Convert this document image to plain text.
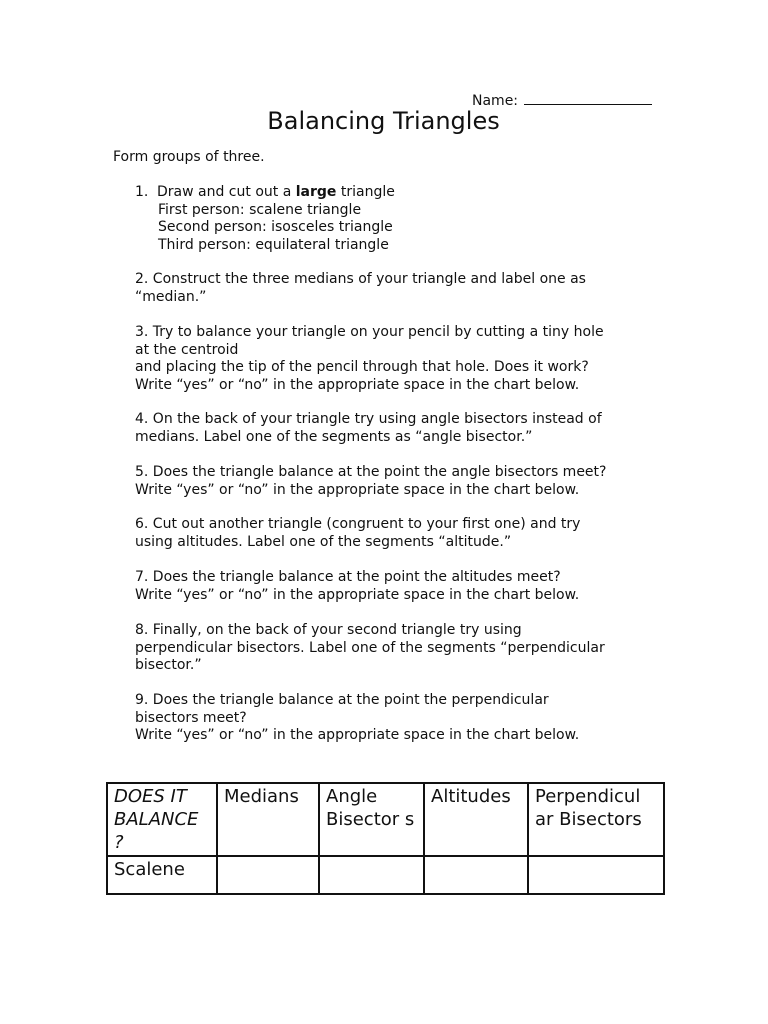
Name:
Balancing Triangles
Form groups of three.
1. Draw and cut out a large triangle
First person: scalene triangle
Second person: isosceles triangle
Third person: equilateral triangle
2. Construct the three medians of your triangle and label one as
“median.”
3. Try to balance your triangle on your pencil by cutting a tiny hole
at the centroid
and placing the tip of the pencil through that hole. Does it work?
Write “yes” or “no” in the appropriate space in the chart below.
4. On the back of your triangle try using angle bisectors instead of
medians. Label one of the segments as “angle bisector.”
5. Does the triangle balance at the point the angle bisectors meet?
Write “yes” or “no” in the appropriate space in the chart below.
6. Cut out another triangle (congruent to your first one) and try
using altitudes. Label one of the segments “altitude.”
7. Does the triangle balance at the point the altitudes meet?
Write “yes” or “no” in the appropriate space in the chart below.
8. Finally, on the back of your second triangle try using
perpendicular bisectors. Label one of the segments “perpendicular
bisector.”
9. Does the triangle balance at the point the perpendicular
bisectors meet?
Write “yes” or “no” in the appropriate space in the chart below.
DOES IT BALANCE ?	Medians	Angle Bisector s	Altitudes	Perpendicul ar Bisectors
Scalene				
